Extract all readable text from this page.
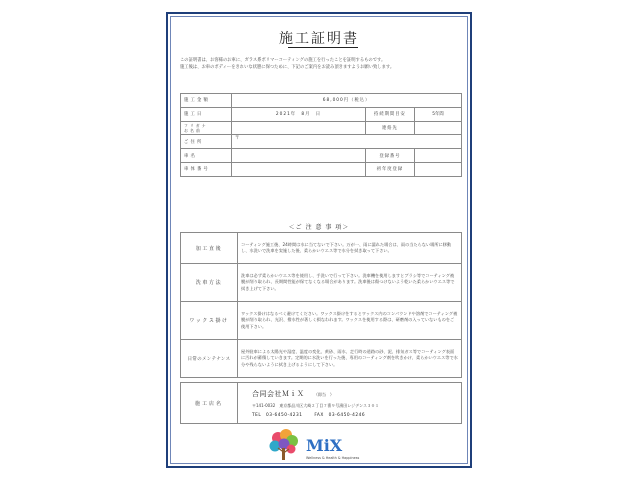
施工証明書

この証明書は、お客様のお車に、ガラス系ポリマーコーティングの施工を行ったことを証明するものです。

施工後は、お車のボディーをきれいな状態に保つために、下記のご案内をお読み頂きますようお願い致します。

施工金額	68,000円（税込）		
施工日	2021年　8月　日	持続期間目安	5年間

フリガナ
お名前		連絡先	
ご住所	〒		
車名		登録番号	
車体番号		初年度登録	
＜ご 注 意 事 項＞
加工直後	コーティング施工後、24時間は水に当てないで下さい。万が一、雨に濡れた場合は、雨の当たらない場所に移動し、水洗いで洗車を実施した後、柔らかいウエス等で水分を拭き取って下さい。
洗車方法	洗車は必ず柔らかいウエス等を使用し、手洗いで行って下さい。洗車機を使用しますとブラシ等でコーティング被膜が削り取られ、長期間性能が保てなくなる場合があります。洗車後は傷つけないよう乾いた柔らかいウエス等で拭き上げて下さい。
ワックス掛け	ワックス掛けはなるべく避けてください。ワックス掛けをするとワックス内のコンパウンドや溶剤でコーティング被膜が削り取られ、光沢、撥水性が著しく損なわれます。ワックスを使用する際は、研磨剤の入っていないものをご使用下さい。
日常のメンテナンス	屋外駐車による太陽光や湿度、温度の変化、黄砂、雨水、走行時の道路の砂、泥、排気ガス等でコーティング表面に汚れが蓄積していきます。定期的に水洗いを行った後、専用のコーティング剤を吹きかけ、柔らかいウエス等で水分や残らないように拭き上げるようにして下さい。
施工店名	
合同会社ＭｉＸ （即当　）
〒141-0032　東京都品川区大崎２丁目７番９号濱田レジデンス３０１
TEL　03-6450-4231	FAX　03-6450-4246
MiX
Wellness & Health & Happiness
